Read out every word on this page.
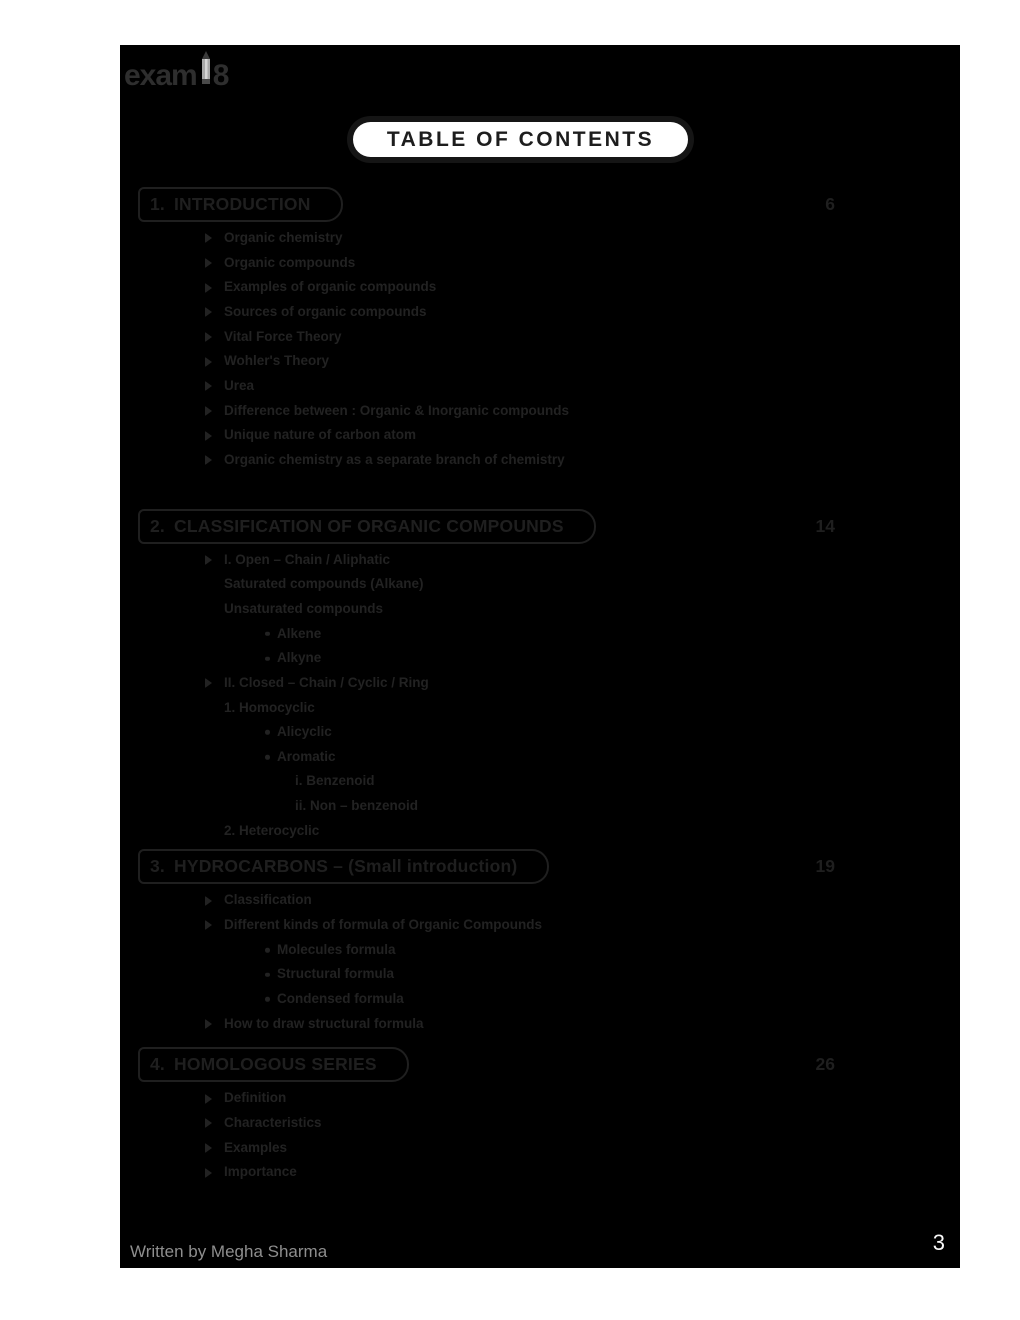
exam 8
TABLE OF CONTENTS
1. INTRODUCTION	6
Organic chemistry
Organic compounds
Examples of organic compounds
Sources of organic compounds
Vital Force Theory
Wohler's Theory
Urea
Difference between : Organic & Inorganic compounds
Unique nature of carbon atom
Organic chemistry as a separate branch of chemistry
2. CLASSIFICATION OF ORGANIC COMPOUNDS	14
I. Open – Chain / Aliphatic
Saturated compounds (Alkane)
Unsaturated compounds
Alkene
Alkyne
II. Closed – Chain / Cyclic / Ring
1. Homocyclic
Alicyclic
Aromatic
i. Benzenoid
ii. Non – benzenoid
2. Heterocyclic
3. HYDROCARBONS – (Small introduction)	19
Classification
Different kinds of formula of Organic Compounds
Molecules formula
Structural formula
Condensed formula
How to draw structural formula
4. HOMOLOGOUS SERIES	26
Definition
Characteristics
Examples
Importance
Written by Megha Sharma	3
